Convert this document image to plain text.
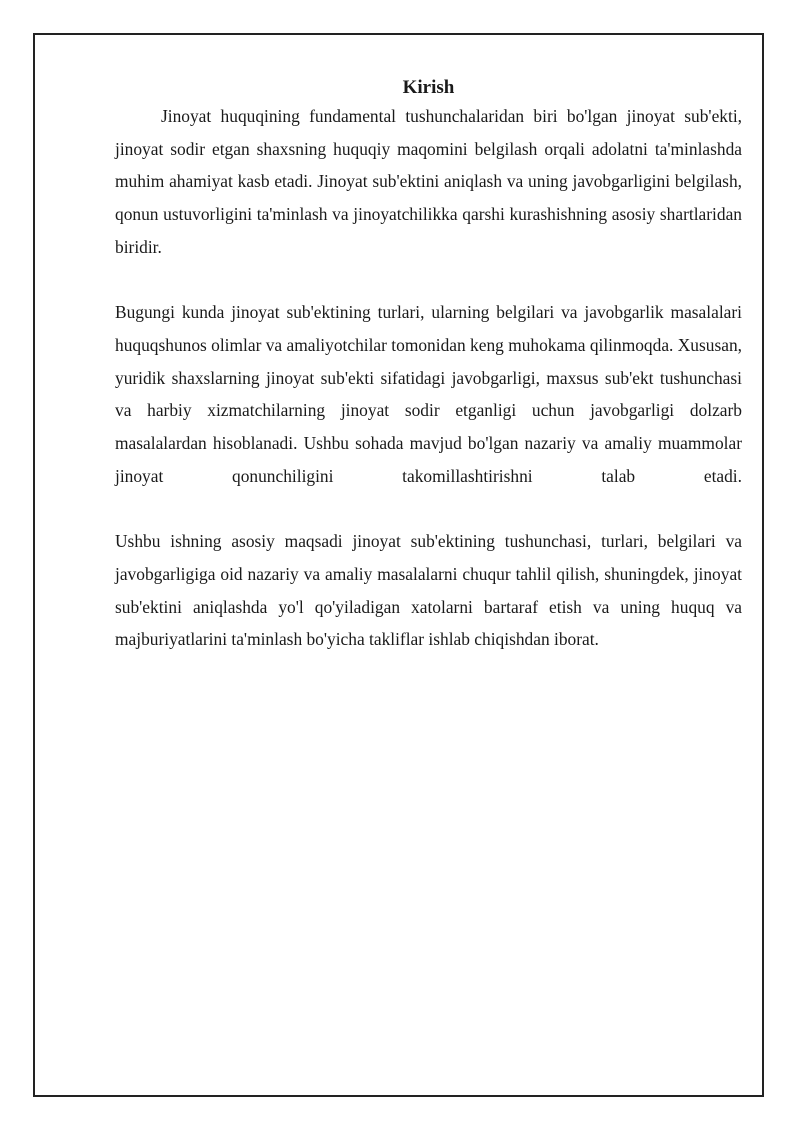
Kirish

Jinoyat huquqining fundamental tushunchalaridan biri bo'lgan jinoyat sub'ekti, jinoyat sodir etgan shaxsning huquqiy maqomini belgilash orqali adolatni ta'minlashda muhim ahamiyat kasb etadi. Jinoyat sub'ektini aniqlash va uning javobgarligini belgilash, qonun ustuvorligini ta'minlash va jinoyatchilikka qarshi kurashishning asosiy shartlaridan biridir.

Bugungi kunda jinoyat sub'ektining turlari, ularning belgilari va javobgarlik masalalari huquqshunos olimlar va amaliyotchilar tomonidan keng muhokama qilinmoqda. Xususan, yuridik shaxslarning jinoyat sub'ekti sifatidagi javobgarligi, maxsus sub'ekt tushunchasi va harbiy xizmatchilarning jinoyat sodir etganligi uchun javobgarligi dolzarb masalalardan hisoblanadi. Ushbu sohada mavjud bo'lgan nazariy va amaliy muammolar jinoyat qonunchiligini takomillashtirishni talab etadi.

Ushbu ishning asosiy maqsadi jinoyat sub'ektining tushunchasi, turlari, belgilari va javobgarligiga oid nazariy va amaliy masalalarni chuqur tahlil qilish, shuningdek, jinoyat sub'ektini aniqlashda yo'l qo'yiladigan xatolarni bartaraf etish va uning huquq va majburiyatlarini ta'minlash bo'yicha takliflar ishlab chiqishdan iborat.
